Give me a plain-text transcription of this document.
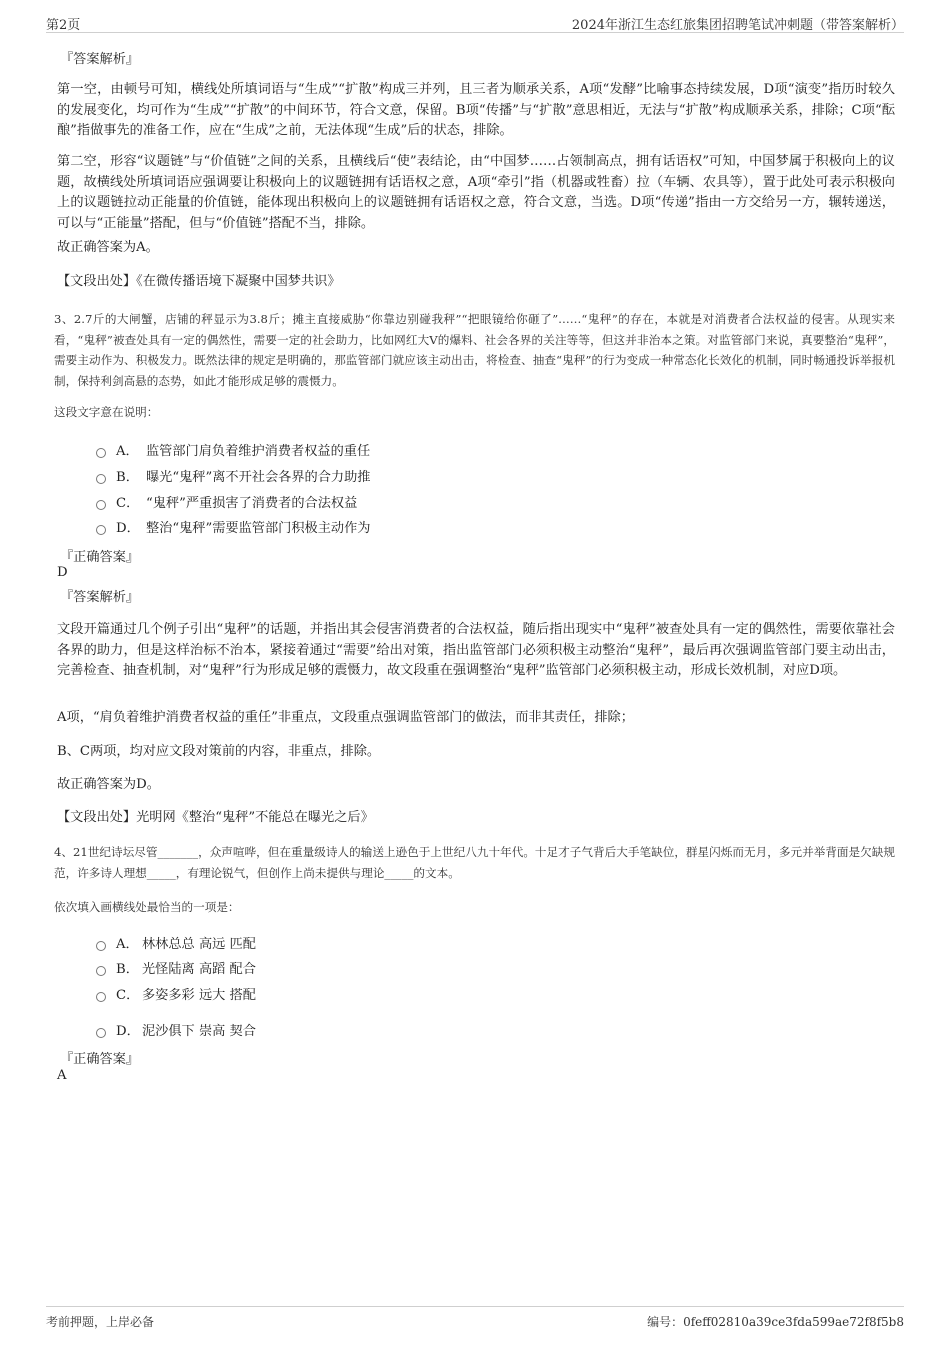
第2页	2024年浙江生态红旅集团招聘笔试冲刺题（带答案解析）
『答案解析』
第一空，由顿号可知，横线处所填词语与“生成”“扩散”构成三并列，且三者为顺承关系，A项“发酵”比喻事态持续发展，D项“演变”指历时较久的发展变化，均可作为“生成”“扩散”的中间环节，符合文意，保留。B项“传播”与“扩散”意思相近，无法与“扩散”构成顺承关系，排除；C项“酝酿”指做事先的准备工作，应在“生成”之前，无法体现“生成”后的状态，排除。
第二空，形容“议题链”与“价值链”之间的关系，且横线后“使”表结论，由“中国梦……占领制高点，拥有话语权”可知，中国梦属于积极向上的议题，故横线处所填词语应强调要让积极向上的议题链拥有话语权之意，A项“牵引”指（机器或牲畜）拉（车辆、农具等），置于此处可表示积极向上的议题链拉动正能量的价值链，能体现出积极向上的议题链拥有话语权之意，符合文意，当选。D项“传递”指由一方交给另一方，辗转递送，可以与“正能量”搭配，但与“价值链”搭配不当，排除。
故正确答案为A。
【文段出处】《在微传播语境下凝聚中国梦共识》
3、2.7斤的大闸蟹，店铺的秤显示为3.8斤；摊主直接威胁“你靠边别碰我秤”“把眼镜给你砸了”……“鬼秤”的存在，本就是对消费者合法权益的侵害。从现实来看，“鬼秤”被查处具有一定的偶然性，需要一定的社会助力，比如网红大V的爆料、社会各界的关注等等，但这并非治本之策。对监管部门来说，真要整治“鬼秤”，需要主动作为、积极发力。既然法律的规定是明确的，那监管部门就应该主动出击，将检查、抽查“鬼秤”的行为变成一种常态化长效化的机制，同时畅通投诉举报机制，保持利剑高悬的态势，如此才能形成足够的震慑力。
这段文字意在说明：
A． 监管部门肩负着维护消费者权益的重任
B． 曝光“鬼秤”离不开社会各界的合力助推
C． “鬼秤”严重损害了消费者的合法权益
D． 整治“鬼秤”需要监管部门积极主动作为
『正确答案』
D
『答案解析』
文段开篇通过几个例子引出“鬼秤”的话题，并指出其会侵害消费者的合法权益，随后指出现实中“鬼秤”被查处具有一定的偶然性，需要依靠社会各界的助力，但是这样治标不治本，紧接着通过“需要”给出对策，指出监管部门必须积极主动整治“鬼秤”，最后再次强调监管部门要主动出击，完善检查、抽查机制，对“鬼秤”行为形成足够的震慑力，故文段重在强调整治“鬼秤”监管部门必须积极主动，形成长效机制，对应D项。
A项，“肩负着维护消费者权益的重任”非重点，文段重点强调监管部门的做法，而非其责任，排除；
B、C两项，均对应文段对策前的内容，非重点，排除。
故正确答案为D。
【文段出处】光明网《整治“鬼秤”不能总在曝光之后》
4、21世纪诗坛尽管_______，众声喧哗，但在重量级诗人的输送上逊色于上世纪八九十年代。十足才子气背后大手笔缺位，群星闪烁而无月，多元并举背面是欠缺规范，许多诗人理想_____，有理论锐气，但创作上尚未提供与理论_____的文本。
依次填入画横线处最恰当的一项是：
A． 林林总总 高远 匹配
B． 光怪陆离 高蹈 配合
C． 多姿多彩 远大 搭配
D． 泥沙俱下 崇高 契合
『正确答案』
A
考前押题，上岸必备	编号：0feff02810a39ce3fda599ae72f8f5b8
